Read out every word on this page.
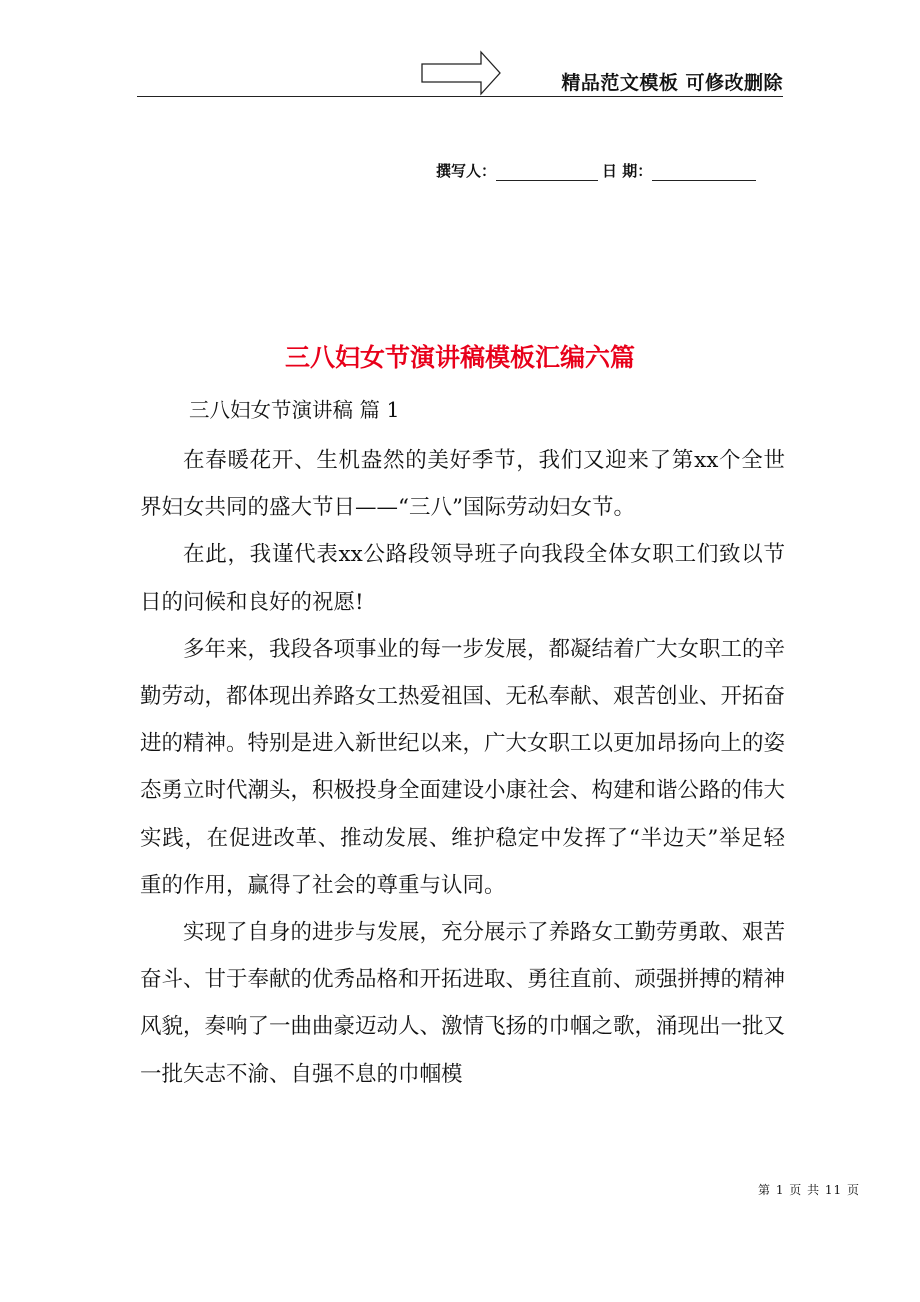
精品范文模板 可修改删除
撰写人：	日 期：
三八妇女节演讲稿模板汇编六篇
三八妇女节演讲稿 篇 1

在春暖花开、生机盎然的美好季节，我们又迎来了第xx个全世界妇女共同的盛大节日——“三八”国际劳动妇女节。

在此，我谨代表xx公路段领导班子向我段全体女职工们致以节日的问候和良好的祝愿!

多年来，我段各项事业的每一步发展，都凝结着广大女职工的辛勤劳动，都体现出养路女工热爱祖国、无私奉献、艰苦创业、开拓奋进的精神。特别是进入新世纪以来，广大女职工以更加昂扬向上的姿态勇立时代潮头，积极投身全面建设小康社会、构建和谐公路的伟大实践，在促进改革、推动发展、维护稳定中发挥了“半边天”举足轻重的作用，赢得了社会的尊重与认同。

实现了自身的进步与发展，充分展示了养路女工勤劳勇敢、艰苦奋斗、甘于奉献的优秀品格和开拓进取、勇往直前、顽强拼搏的精神风貌，奏响了一曲曲豪迈动人、激情飞扬的巾帼之歌，涌现出一批又一批矢志不渝、自强不息的巾帼模

第 1 页 共 11 页
